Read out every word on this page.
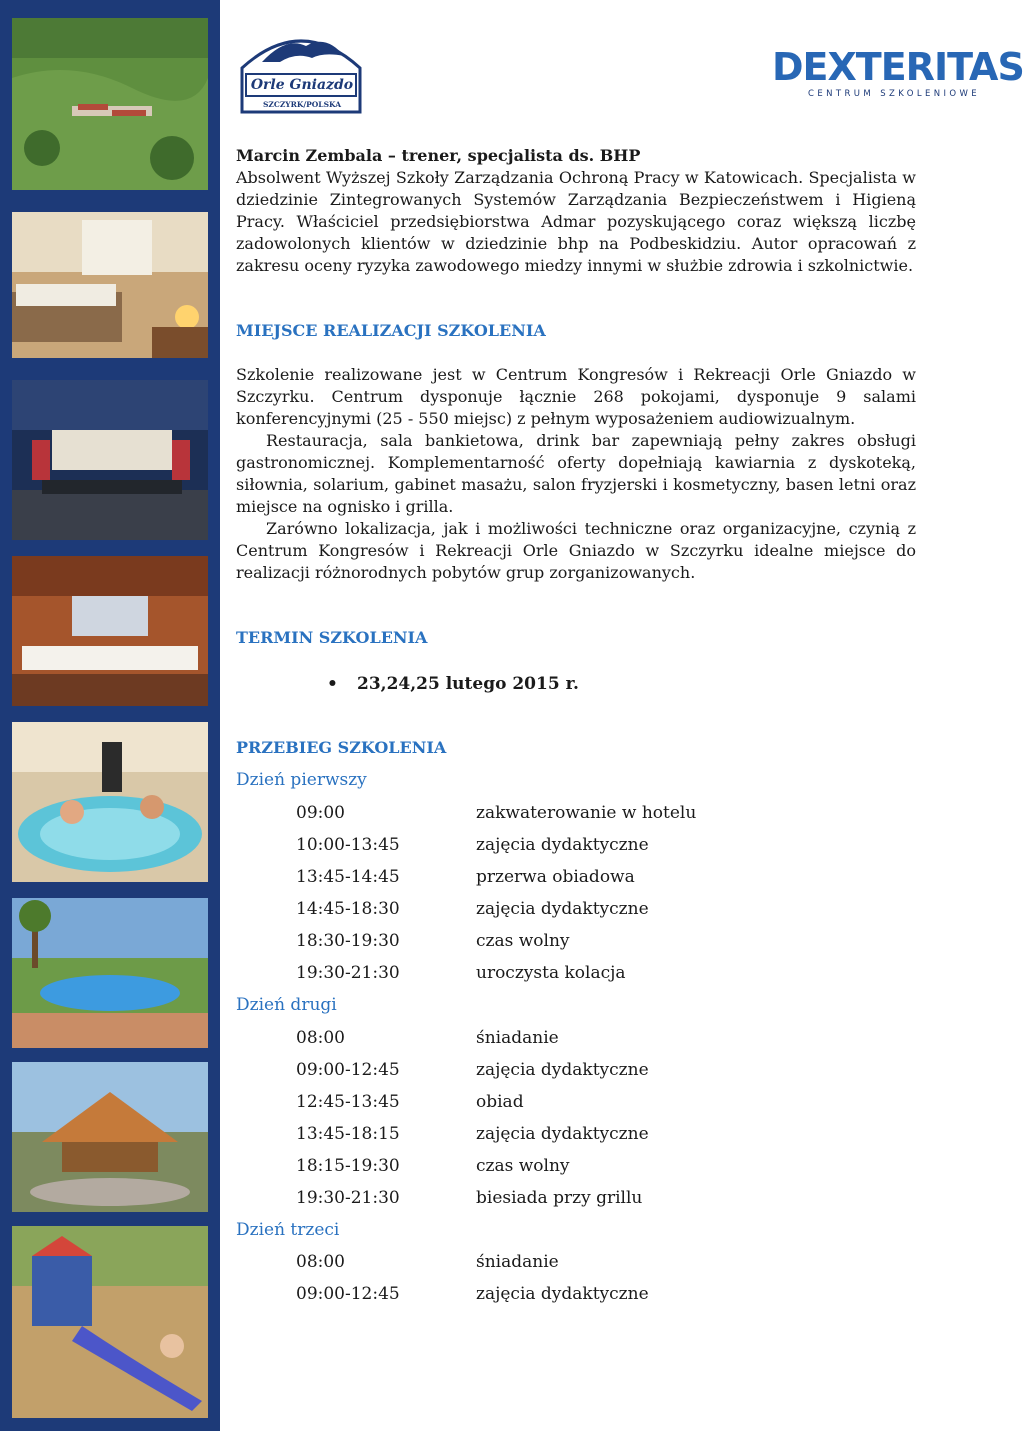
Orle Gniazdo
SZCZYRK/POLSKA
DEXTERITAS
CENTRUM SZKOLENIOWE
Marcin Zembala – trener, specjalista ds. BHP
Absolwent Wyższej Szkoły Zarządzania Ochroną Pracy w Katowicach. Specjalista w dziedzinie Zintegrowanych Systemów Zarządzania Bezpieczeństwem i Higieną Pracy. Właściciel przedsiębiorstwa Admar pozyskującego coraz większą liczbę zadowolonych klientów w dziedzinie bhp na Podbeskidziu. Autor opracowań z zakresu oceny ryzyka zawodowego miedzy innymi w służbie zdrowia i szkolnictwie.
MIEJSCE REALIZACJI SZKOLENIA
Szkolenie realizowane jest w Centrum Kongresów i Rekreacji Orle Gniazdo w Szczyrku. Centrum dysponuje łącznie 268 pokojami, dysponuje 9 salami konferencyjnymi (25 - 550 miejsc) z pełnym wyposażeniem audiowizualnym.
Restauracja, sala bankietowa, drink bar zapewniają pełny zakres obsługi gastronomicznej. Komplementarność oferty dopełniają kawiarnia z dyskoteką, siłownia, solarium, gabinet masażu, salon fryzjerski i kosmetyczny, basen letni oraz miejsce na ognisko i grilla.
Zarówno lokalizacja, jak i możliwości techniczne oraz organizacyjne, czynią z Centrum Kongresów i Rekreacji Orle Gniazdo w Szczyrku idealne miejsce do realizacji różnorodnych pobytów grup zorganizowanych.
TERMIN SZKOLENIA
• 23,24,25 lutego 2015 r.
PRZEBIEG SZKOLENIA
Dzień pierwszy
09:00	zakwaterowanie w hotelu
10:00-13:45	zajęcia dydaktyczne
13:45-14:45	przerwa obiadowa
14:45-18:30	zajęcia dydaktyczne
18:30-19:30	czas wolny
19:30-21:30	uroczysta kolacja
Dzień drugi
08:00	śniadanie
09:00-12:45	zajęcia dydaktyczne
12:45-13:45	obiad
13:45-18:15	zajęcia dydaktyczne
18:15-19:30	czas wolny
19:30-21:30	biesiada przy grillu
Dzień trzeci
08:00	śniadanie
09:00-12:45	zajęcia dydaktyczne
